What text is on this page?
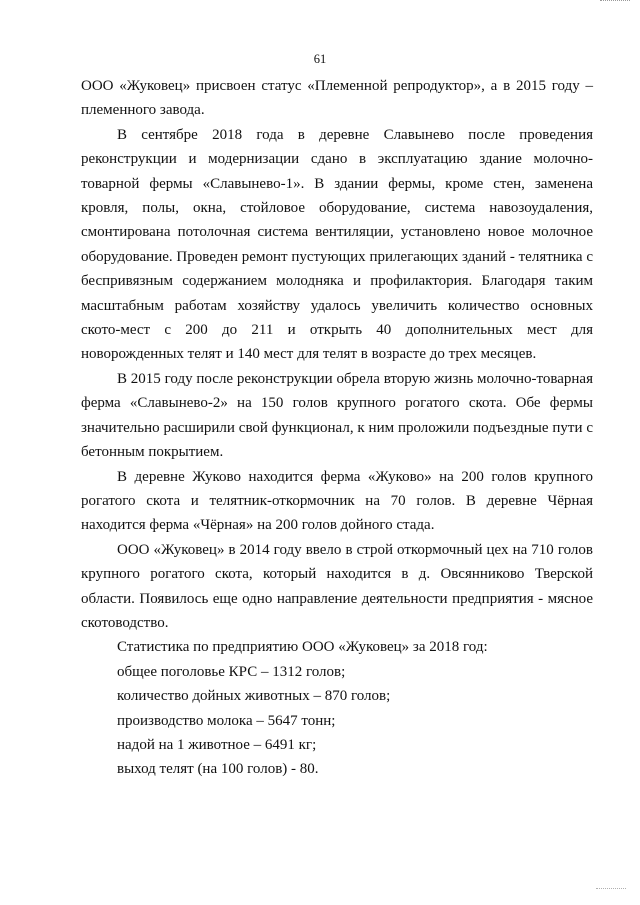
61

ООО «Жуковец» присвоен статус «Племенной репродуктор», а в 2015 году – племенного завода.

В сентябре 2018 года в деревне Славынево после проведения реконструкции и модернизации сдано в эксплуатацию здание молочно-товарной фермы «Славынево-1». В здании фермы, кроме стен, заменена кровля, полы, окна, стойловое оборудование, система навозоудаления, смонтирована потолочная система вентиляции, установлено новое молочное оборудование. Проведен ремонт пустующих прилегающих зданий - телятника с беспривязным содержанием молодняка и профилактория. Благодаря таким масштабным работам хозяйству удалось увеличить количество основных ското-мест с 200 до 211 и открыть 40 дополнительных мест для новорожденных телят и 140 мест для телят в возрасте до трех месяцев.

В 2015 году после реконструкции обрела вторую жизнь молочно-товарная ферма «Славынево-2» на 150 голов крупного рогатого скота. Обе фермы значительно расширили свой функционал, к ним проложили подъездные пути с бетонным покрытием.

В деревне Жуково находится ферма «Жуково» на 200 голов крупного рогатого скота и телятник-откормочник на 70 голов. В деревне Чёрная находится ферма «Чёрная» на 200 голов дойного стада.

ООО «Жуковец» в 2014 году ввело в строй откормочный цех на 710 голов крупного рогатого скота, который находится в д. Овсянниково Тверской области. Появилось еще одно направление деятельности предприятия - мясное скотоводство.

Статистика по предприятию ООО «Жуковец» за 2018 год:

общее поголовье КРС – 1312 голов;

количество дойных животных – 870 голов;

производство молока – 5647 тонн;

надой на 1 животное – 6491 кг;

выход телят (на 100 голов) - 80.
